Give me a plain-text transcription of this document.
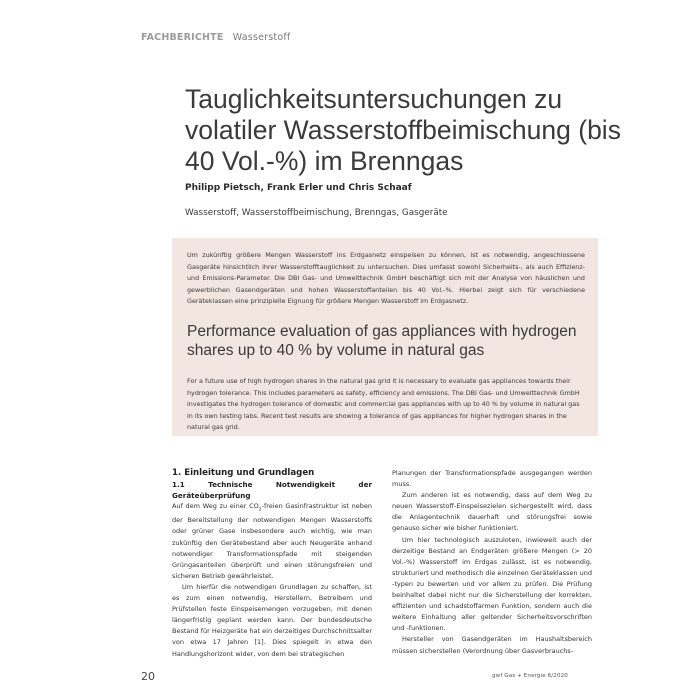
FACHBERICHTE Wasserstoff
Tauglichkeitsuntersuchungen zu volatiler Wasserstoffbeimischung (bis 40 Vol.-%) im Brenngas
Philipp Pietsch, Frank Erler und Chris Schaaf
Wasserstoff, Wasserstoffbeimischung, Brenngas, Gasgeräte

Um zukünftig größere Mengen Wasserstoff ins Erdgasnetz einspeisen zu können, ist es notwendig, angeschlossene Gasgeräte hinsichtlich ihrer Wasserstofftauglichkeit zu untersuchen. Dies umfasst sowohl Sicherheits-, als auch Effizienz- und Emissions-Parameter. Die DBI Gas- und Umwelttechnik GmbH beschäftigt sich mit der Analyse von häuslichen und gewerblichen Gasendgeräten und hohen Wasserstoffanteilen bis 40 Vol.-%. Hierbei zeigt sich für verschiedene Geräteklassen eine prinzipielle Eignung für größere Mengen Wasserstoff im Erdgasnetz.

Performance evaluation of gas appliances with hydrogen shares up to 40 % by volume in natural gas

For a future use of high hydrogen shares in the natural gas grid it is necessary to evaluate gas appliances towards their hydrogen tolerance. This includes parameters as safety, efficiency and emissions. The DBI Gas- und Umwelttechnik GmbH investigates the hydrogen tolerance of domestic and commercial gas appliances with up to 40 % by volume in natural gas in its own testing labs. Recent test results are showing a tolerance of gas appliances for higher hydrogen shares in the natural gas grid.

1. Einleitung und Grundlagen

1.1 Technische Notwendigkeit der Geräteüberprüfung

Auf dem Weg zu einer $CO_2$-freien Gasinfrastruktur ist neben der Bereitstellung der notwendigen Mengen Wasserstoffs oder grüner Gase insbesondere auch wichtig, wie man zukünftig den Gerätebestand aber auch Neugeräte anhand notwendiger Transformationspfade mit steigenden Grüngasanteilen überprüft und einen störungsfreien und sicheren Betrieb gewährleistet.

Um hierfür die notwendigen Grundlagen zu schaffen, ist es zum einen notwendig, Herstellern, Betreibern und Prüfstellen feste Einspeisemengen vorzugeben, mit denen längerfristig geplant werden kann. Der bundesdeutsche Bestand für Heizgeräte hat ein derzeitiges Durchschnittsalter von etwa 17 Jahren [1]. Dies spiegelt in etwa den Handlungshorizont wider, von dem bei strategischen

Planungen der Transformationspfade ausgegangen werden muss.

Zum anderen ist es notwendig, dass auf dem Weg zu neuen Wasserstoff-Einspeisezielen sichergestellt wird, dass die Anlagentechnik dauerhaft und störungsfrei sowie genauso sicher wie bisher funktioniert.

Um hier technologisch auszuloten, inwieweit auch der derzeitige Bestand an Endgeräten größere Mengen (> 20 Vol.-%) Wasserstoff im Erdgas zulässt, ist es notwendig, strukturiert und methodisch die einzelnen Geräteklassen und -typen zu bewerten und vor allem zu prüfen. Die Prüfung beinhaltet dabei nicht nur die Sicherstellung der korrekten, effizienten und schadstoffarmen Funktion, sondern auch die weitere Einhaltung aller geltender Sicherheitsvorschriften und -funktionen.

Hersteller von Gasendgeräten im Haushaltsbereich müssen sicherstellen (Verordnung über Gasverbrauchs-

20	gwf Gas + Energie 6/2020
